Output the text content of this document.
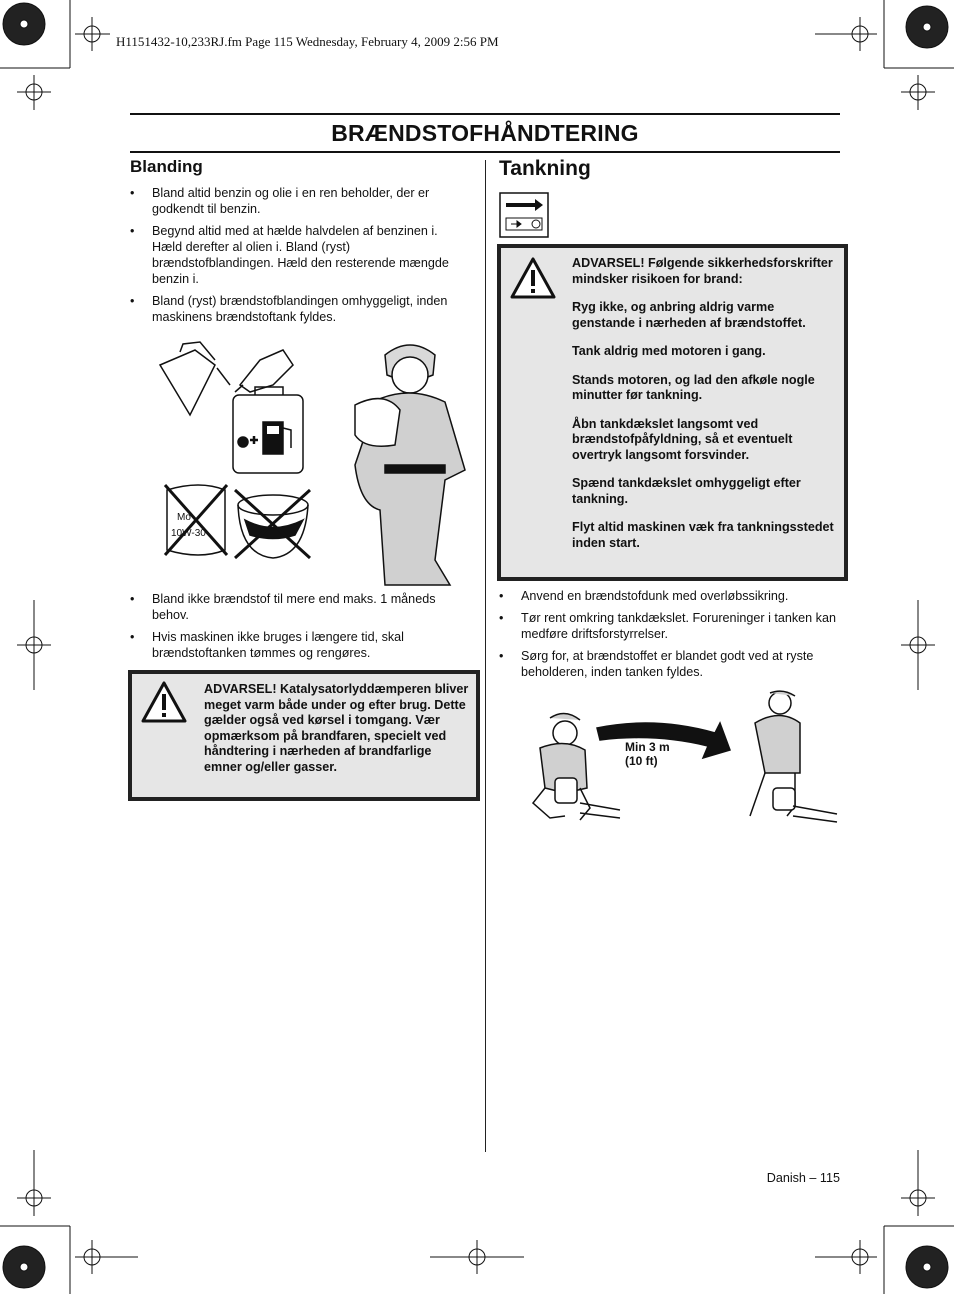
H1151432-10,233RJ.fm Page 115 Wednesday, February 4, 2009 2:56 PM
BRÆNDSTOFHÅNDTERING
Blanding
• Bland altid benzin og olie i en ren beholder, der er godkendt til benzin.
• Begynd altid med at hælde halvdelen af benzinen i. Hæld derefter al olien i. Bland (ryst) brændstofblandingen. Hæld den resterende mængde benzin i.
• Bland (ryst) brændstofblandingen omhyggeligt, inden maskinens brændstoftank fyldes.
Mo
10W-30
• Bland ikke brændstof til mere end maks. 1 måneds behov.
• Hvis maskinen ikke bruges i længere tid, skal brændstoftanken tømmes og rengøres.
ADVARSEL! Katalysatorlyddæmperen bliver meget varm både under og efter brug. Dette gælder også ved kørsel i tomgang. Vær opmærksom på brandfaren, specielt ved håndtering i nærheden af brandfarlige emner og/eller gasser.
Tankning

ADVARSEL! Følgende sikkerhedsforskrifter mindsker risikoen for brand:

Ryg ikke, og anbring aldrig varme genstande i nærheden af brændstoffet.

Tank aldrig med motoren i gang.

Stands motoren, og lad den afkøle nogle minutter før tankning.

Åbn tankdækslet langsomt ved brændstofpåfyldning, så et eventuelt overtryk langsomt forsvinder.

Spænd tankdækslet omhyggeligt efter tankning.

Flyt altid maskinen væk fra tankningsstedet inden start.

• Anvend en brændstofdunk med overløbssikring.
• Tør rent omkring tankdækslet. Forureninger i tanken kan medføre driftsforstyrrelser.
• Sørg for, at brændstoffet er blandet godt ved at ryste beholderen, inden tanken fyldes.
Min 3 m
(10 ft)
Danish – 115
